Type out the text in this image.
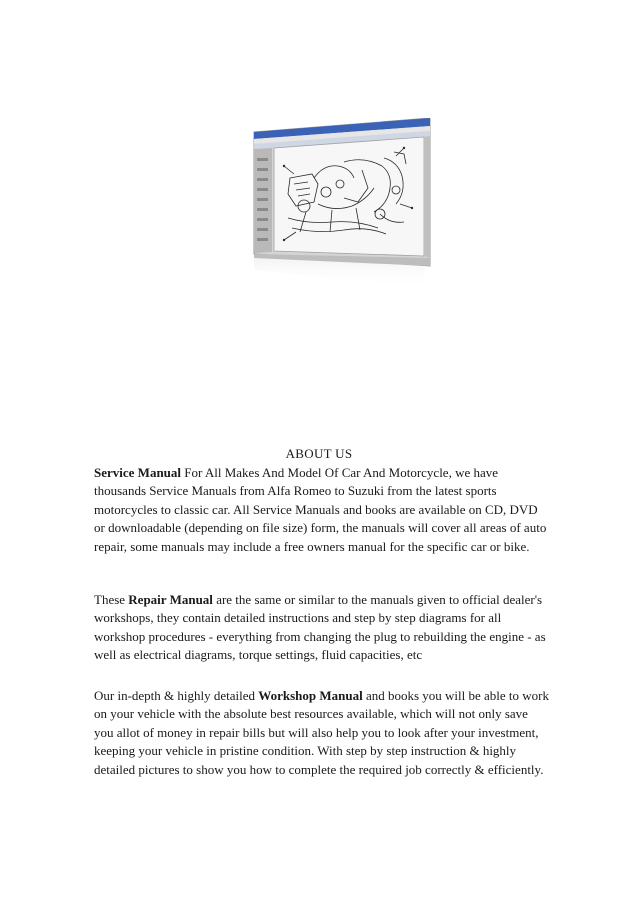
ABOUT US

Service Manual For All Makes And Model Of Car And Motorcycle, we have thousands Service Manuals from Alfa Romeo to Suzuki from the latest sports motorcycles to classic car. All Service Manuals and books are available on CD, DVD or downloadable (depending on file size) form, the manuals will cover all areas of auto repair, some manuals may include a free owners manual for the specific car or bike.

These Repair Manual are the same or similar to the manuals given to official dealer's workshops, they contain detailed instructions and step by step diagrams for all workshop procedures - everything from changing the plug to rebuilding the engine - as well as electrical diagrams, torque settings, fluid capacities, etc

Our in-depth & highly detailed Workshop Manual and books you will be able to work on your vehicle with the absolute best resources available, which will not only save you allot of money in repair bills but will also help you to look after your investment, keeping your vehicle in pristine condition. With step by step instruction & highly detailed pictures to show you how to complete the required job correctly & efficiently.
